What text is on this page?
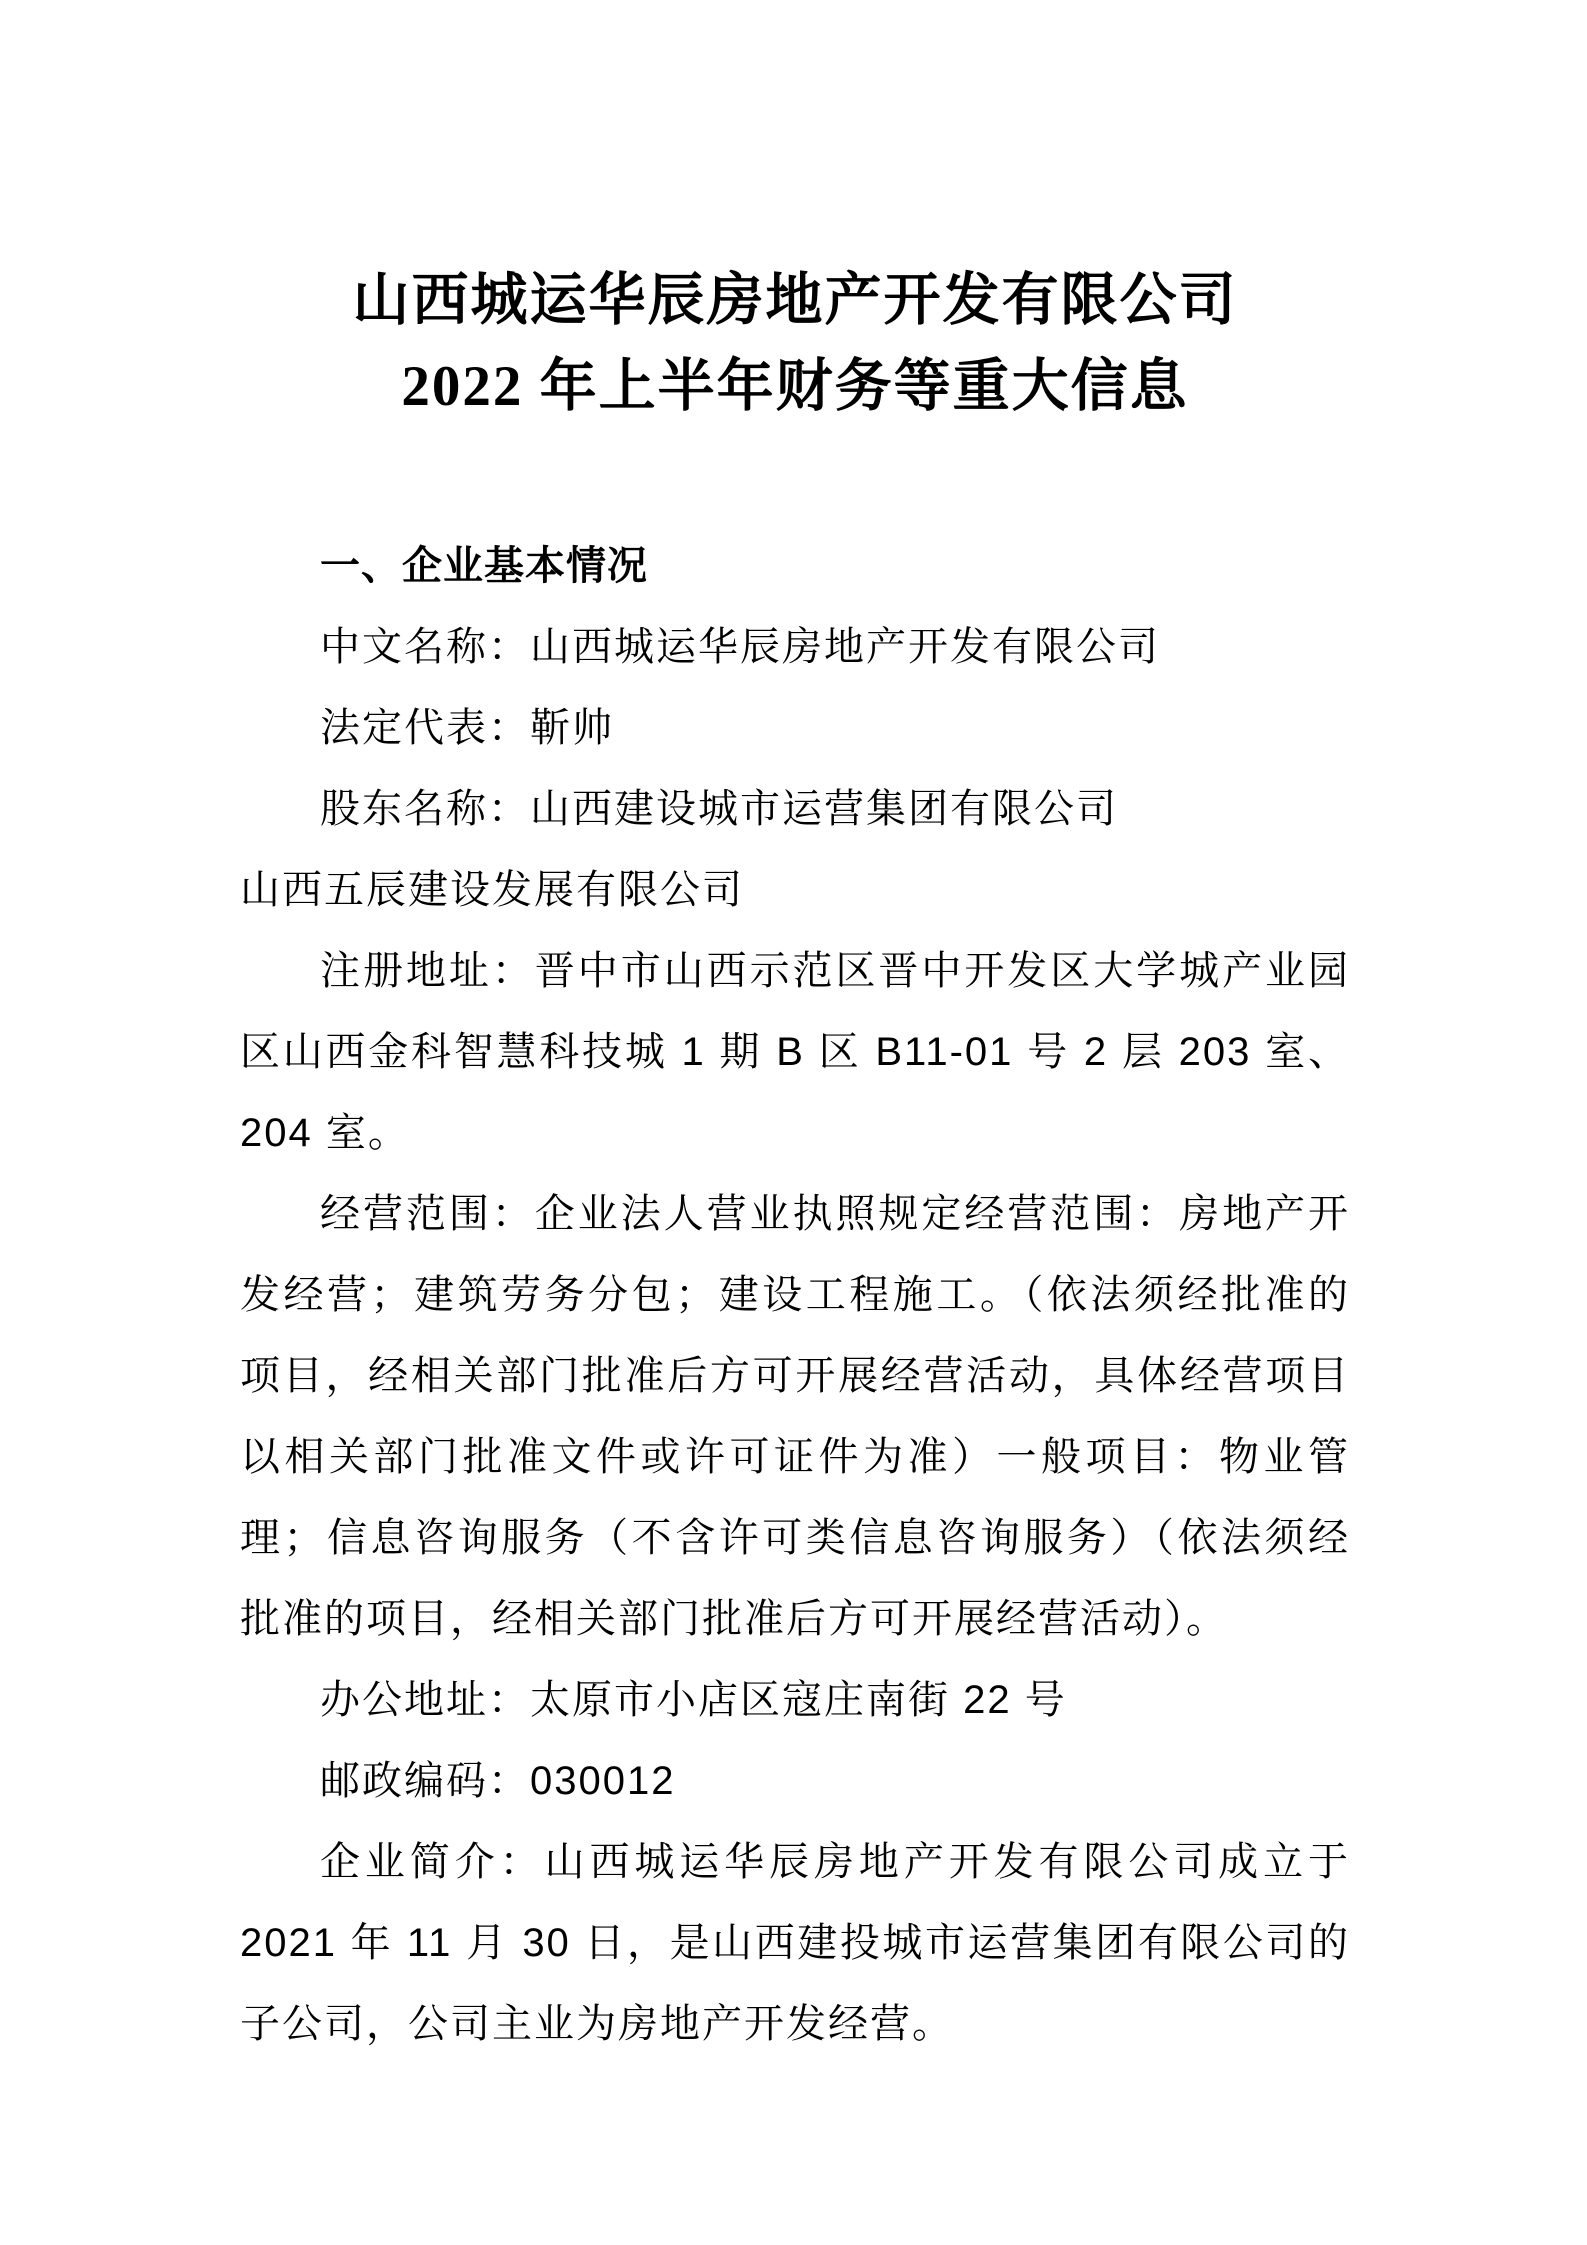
山西城运华辰房地产开发有限公司
2022 年上半年财务等重大信息

一、企业基本情况

中文名称：山西城运华辰房地产开发有限公司

法定代表：靳帅

股东名称：山西建设城市运营集团有限公司

山西五辰建设发展有限公司

注册地址：晋中市山西示范区晋中开发区大学城产业园区山西金科智慧科技城 1 期 B 区 B11-01 号 2 层 203 室、204 室。

经营范围：企业法人营业执照规定经营范围：房地产开发经营；建筑劳务分包；建设工程施工。（依法须经批准的项目，经相关部门批准后方可开展经营活动，具体经营项目以相关部门批准文件或许可证件为准）一般项目：物业管理；信息咨询服务（不含许可类信息咨询服务）（依法须经批准的项目，经相关部门批准后方可开展经营活动）。

办公地址：太原市小店区寇庄南街 22 号

邮政编码：030012

企业简介：山西城运华辰房地产开发有限公司成立于 2021 年 11 月 30 日，是山西建投城市运营集团有限公司的子公司，公司主业为房地产开发经营。
